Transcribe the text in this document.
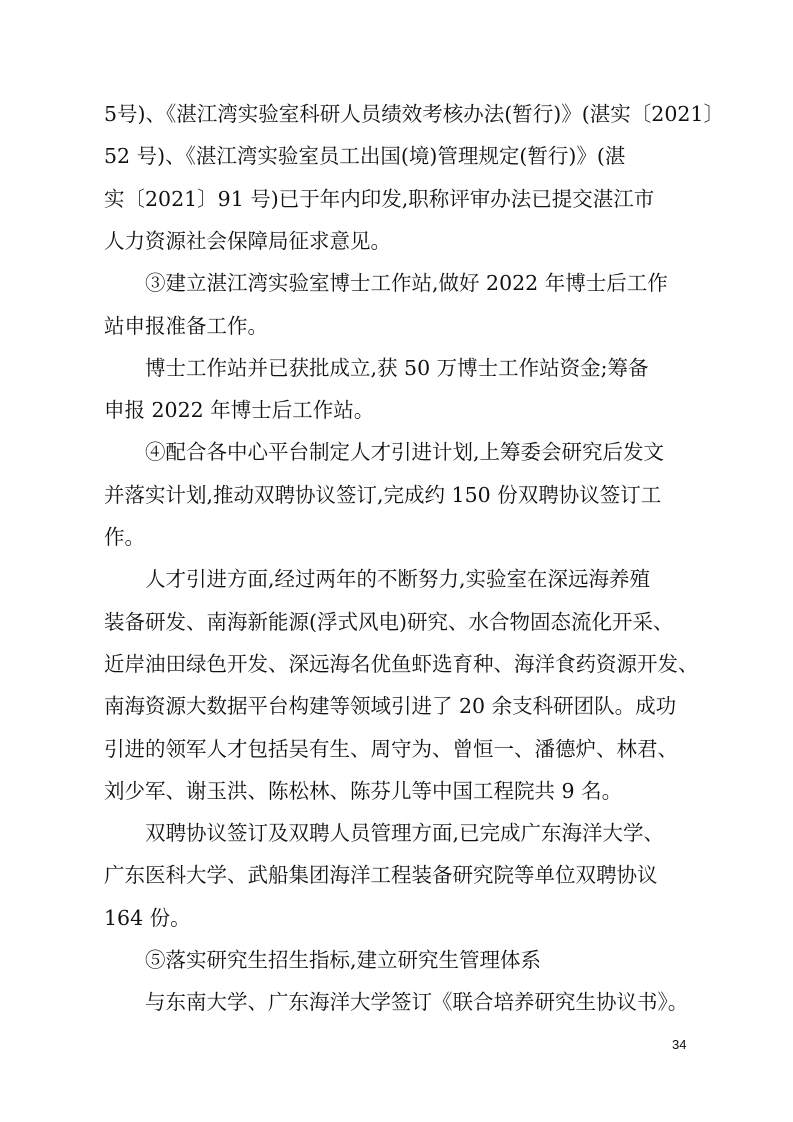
5号)、《湛江湾实验室科研人员绩效考核办法(暂行)》(湛实〔2021〕
52 号)、《湛江湾实验室员工出国(境)管理规定(暂行)》(湛
实〔2021〕91 号)已于年内印发,职称评审办法已提交湛江市
人力资源社会保障局征求意见。
③建立湛江湾实验室博士工作站,做好 2022 年博士后工作
站申报准备工作。
博士工作站并已获批成立,获 50 万博士工作站资金;筹备
申报 2022 年博士后工作站。
④配合各中心平台制定人才引进计划,上筹委会研究后发文
并落实计划,推动双聘协议签订,完成约 150 份双聘协议签订工
作。
人才引进方面,经过两年的不断努力,实验室在深远海养殖
装备研发、南海新能源(浮式风电)研究、水合物固态流化开采、
近岸油田绿色开发、深远海名优鱼虾选育种、海洋食药资源开发、
南海资源大数据平台构建等领域引进了 20 余支科研团队。成功
引进的领军人才包括吴有生、周守为、曾恒一、潘德炉、林君、
刘少军、谢玉洪、陈松林、陈芬儿等中国工程院共 9 名。
双聘协议签订及双聘人员管理方面,已完成广东海洋大学、
广东医科大学、武船集团海洋工程装备研究院等单位双聘协议
164 份。
⑤落实研究生招生指标,建立研究生管理体系
与东南大学、广东海洋大学签订《联合培养研究生协议书》。
34
